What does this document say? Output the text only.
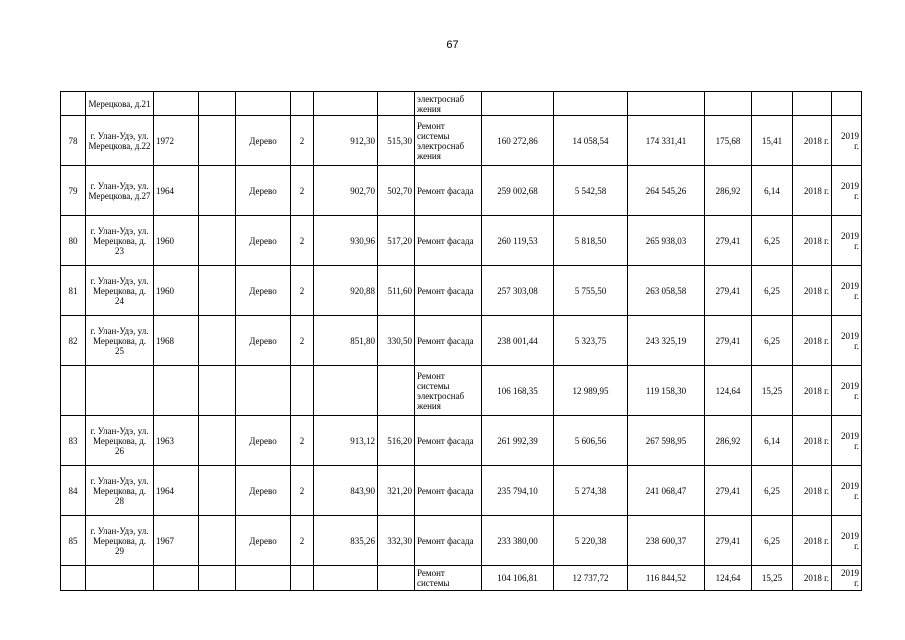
67
	Мерецкова, д.21							электроснаб жения							
78	г. Улан-Удэ, ул. Мерецкова, д.22	1972		Дерево	2	912,30	515,30	Ремонт системы электроснаб жения	160 272,86	14 058,54	174 331,41	175,68	15,41	2018 г.	2019 г.
79	г. Улан-Удэ, ул. Мерецкова, д.27	1964		Дерево	2	902,70	502,70	Ремонт фасада	259 002,68	5 542,58	264 545,26	286,92	6,14	2018 г.	2019 г.
80	г. Улан-Удэ, ул. Мерецкова, д. 23	1960		Дерево	2	930,96	517,20	Ремонт фасада	260 119,53	5 818,50	265 938,03	279,41	6,25	2018 г.	2019 г.
81	г. Улан-Удэ, ул. Мерецкова, д. 24	1960		Дерево	2	920,88	511,60	Ремонт фасада	257 303,08	5 755,50	263 058,58	279,41	6,25	2018 г.	2019 г.
82	г. Улан-Удэ, ул. Мерецкова, д. 25	1968		Дерево	2	851,80	330,50	Ремонт фасада	238 001,44	5 323,75	243 325,19	279,41	6,25	2018 г.	2019 г.
								Ремонт системы электроснаб жения	106 168,35	12 989,95	119 158,30	124,64	15,25	2018 г.	2019 г.
83	г. Улан-Удэ, ул. Мерецкова, д. 26	1963		Дерево	2	913,12	516,20	Ремонт фасада	261 992,39	5 606,56	267 598,95	286,92	6,14	2018 г.	2019 г.
84	г. Улан-Удэ, ул. Мерецкова, д. 28	1964		Дерево	2	843,90	321,20	Ремонт фасада	235 794,10	5 274,38	241 068,47	279,41	6,25	2018 г.	2019 г.
85	г. Улан-Удэ, ул. Мерецкова, д. 29	1967		Дерево	2	835,26	332,30	Ремонт фасада	233 380,00	5 220,38	238 600,37	279,41	6,25	2018 г.	2019 г.
								Ремонт системы	104 106,81	12 737,72	116 844,52	124,64	15,25	2018 г.	2019 г.
